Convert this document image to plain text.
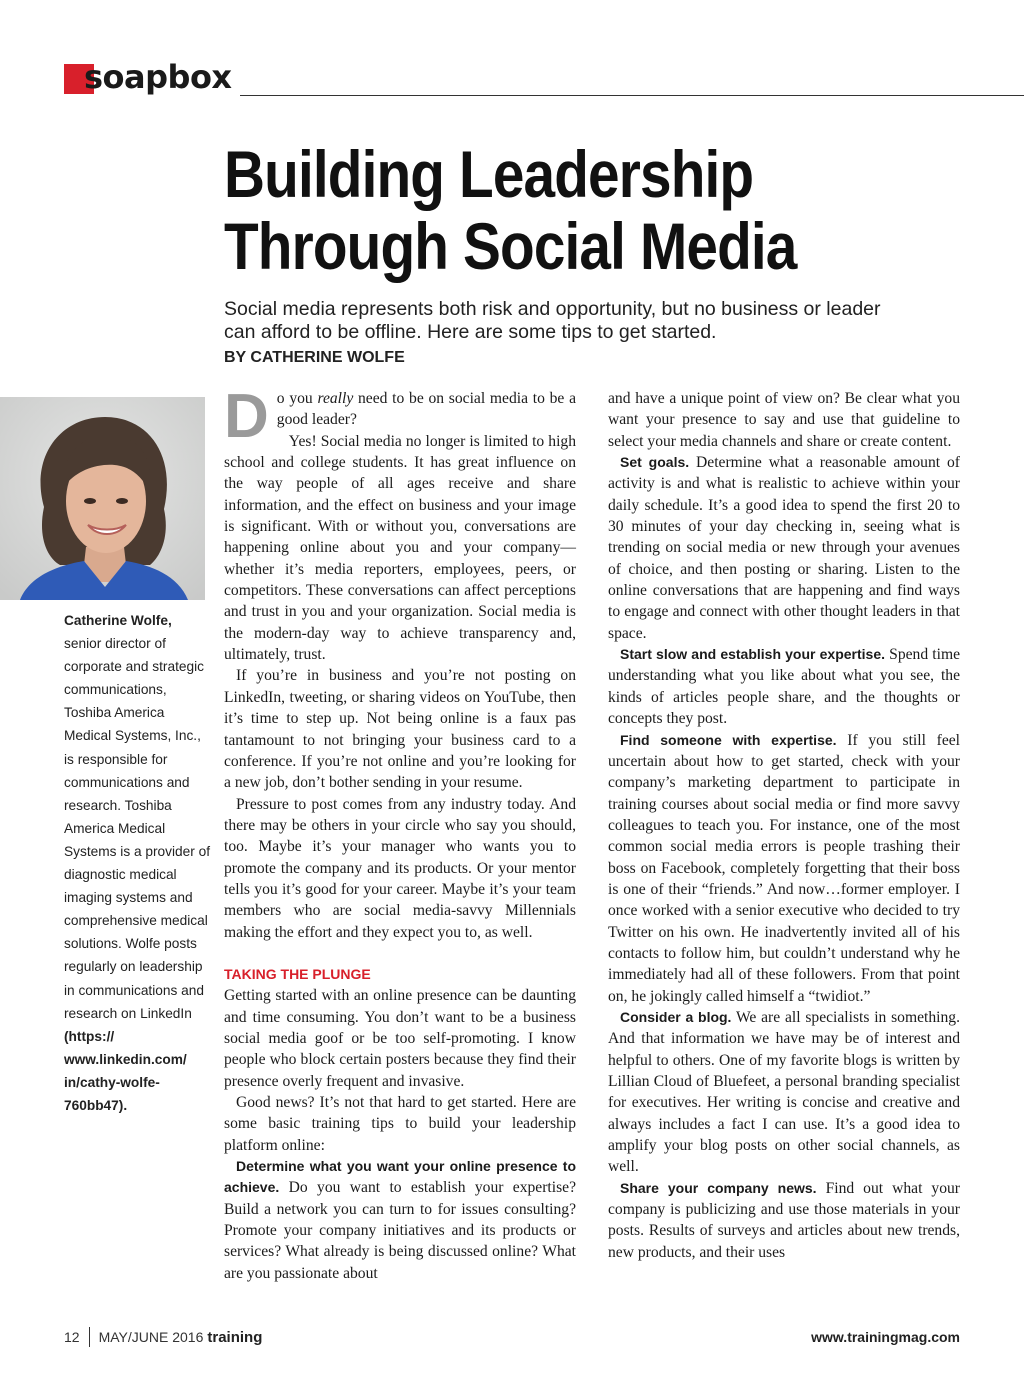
soapbox
Building Leadership
Through Social Media
Social media represents both risk and opportunity, but no business or leader can afford to be offline. Here are some tips to get started.
BY CATHERINE WOLFE
Catherine Wolfe, senior director of corporate and strategic communications, Toshiba America Medical Systems, Inc., is responsible for communications and research. Toshiba America Medical Systems is a provider of diagnostic medical imaging systems and comprehensive medical solutions. Wolfe posts regularly on leadership in communications and research on LinkedIn (https:// www.linkedin.com/ in/cathy-wolfe-760bb47).

Do you really need to be on social media to be a good leader?

Yes! Social media no longer is limited to high school and college students. It has great influence on the way people of all ages receive and share information, and the effect on business and your image is significant. With or without you, conversations are happening online about you and your company—whether it’s media reporters, employees, peers, or competitors. These conversations can affect perceptions and trust in you and your organization. Social media is the modern-day way to achieve transparency and, ultimately, trust.

If you’re in business and you’re not posting on LinkedIn, tweeting, or sharing videos on YouTube, then it’s time to step up. Not being online is a faux pas tantamount to not bringing your business card to a conference. If you’re not online and you’re looking for a new job, don’t bother sending in your resume.

Pressure to post comes from any industry today. And there may be others in your circle who say you should, too. Maybe it’s your manager who wants you to promote the company and its products. Or your mentor tells you it’s good for your career. Maybe it’s your team members who are social media-savvy Millennials making the effort and they expect you to, as well.

TAKING THE PLUNGE

Getting started with an online presence can be daunting and time consuming. You don’t want to be a business social media goof or be too self-promoting. I know people who block certain posters because they find their presence overly frequent and invasive.

Good news? It’s not that hard to get started. Here are some basic training tips to build your leadership platform online:

Determine what you want your online presence to achieve. Do you want to establish your expertise? Build a network you can turn to for issues consulting? Promote your company initiatives and its products or services? What already is being discussed online? What are you passionate about

and have a unique point of view on? Be clear what you want your presence to say and use that guideline to select your media channels and share or create content.

Set goals. Determine what a reasonable amount of activity is and what is realistic to achieve within your daily schedule. It’s a good idea to spend the first 20 to 30 minutes of your day checking in, seeing what is trending on social media or new through your avenues of choice, and then posting or sharing. Listen to the online conversations that are happening and find ways to engage and connect with other thought leaders in that space.

Start slow and establish your expertise. Spend time understanding what you like about what you see, the kinds of articles people share, and the thoughts or concepts they post.

Find someone with expertise. If you still feel uncertain about how to get started, check with your company’s marketing department to participate in training courses about social media or find more savvy colleagues to teach you. For instance, one of the most common social media errors is people trashing their boss on Facebook, completely forgetting that their boss is one of their “friends.” And now…former employer. I once worked with a senior executive who decided to try Twitter on his own. He inadvertently invited all of his contacts to follow him, but couldn’t understand why he immediately had all of these followers. From that point on, he jokingly called himself a “twidiot.”

Consider a blog. We are all specialists in something. And that information we have may be of interest and helpful to others. One of my favorite blogs is written by Lillian Cloud of Bluefeet, a personal branding specialist for executives. Her writing is concise and creative and always includes a fact I can use. It’s a good idea to amplify your blog posts on other social channels, as well.

Share your company news. Find out what your company is publicizing and use those materials in your posts. Results of surveys and articles about new trends, new products, and their uses

12 MAY/JUNE 2016 training	www.trainingmag.com
